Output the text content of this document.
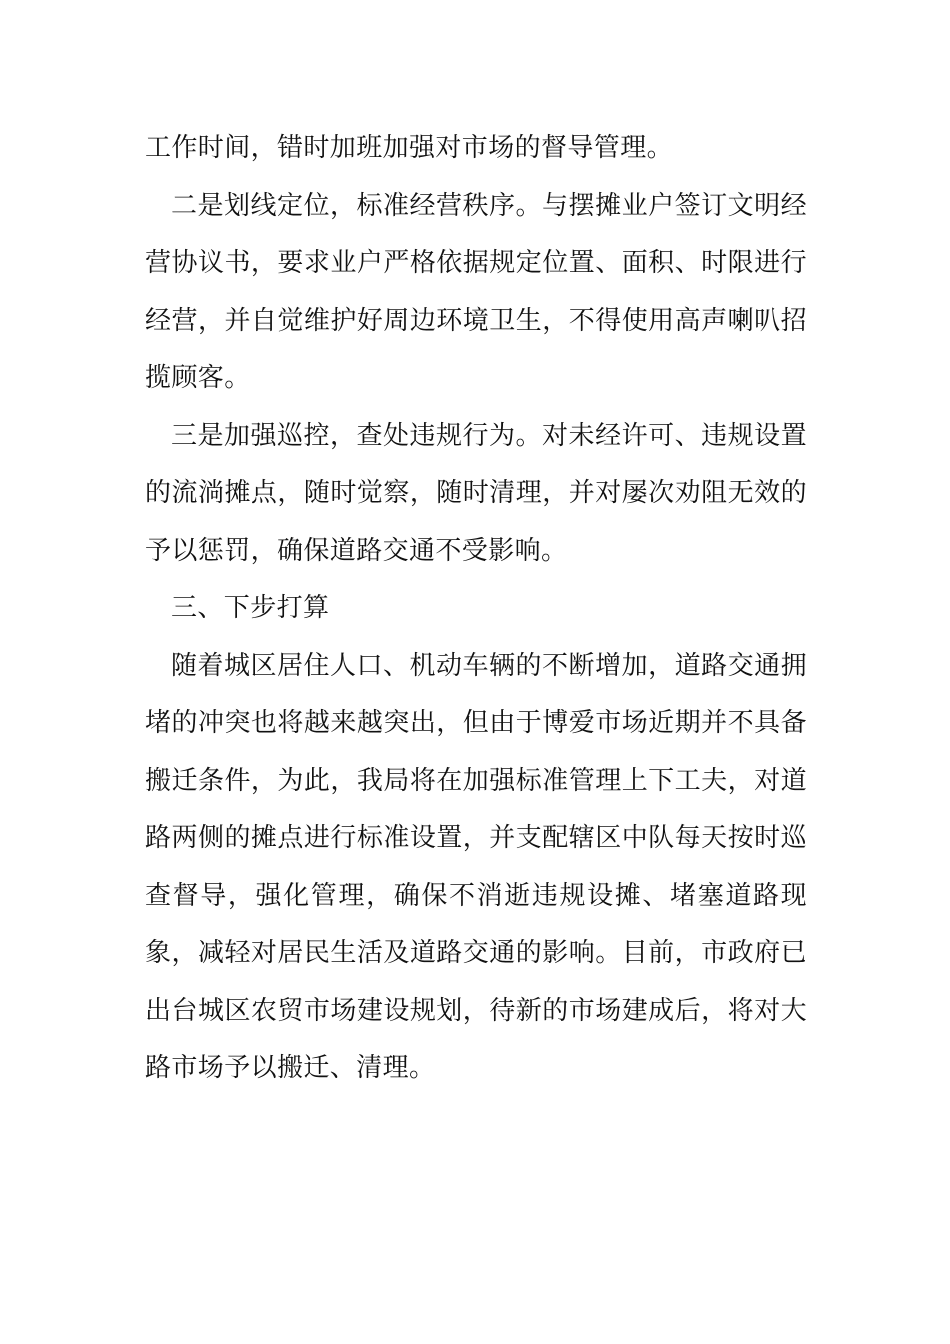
工作时间，错时加班加强对市场的督导管理。

二是划线定位，标准经营秩序。与摆摊业户签订文明经营协议书，要求业户严格依据规定位置、面积、时限进行经营，并自觉维护好周边环境卫生，不得使用高声喇叭招揽顾客。

三是加强巡控，查处违规行为。对未经许可、违规设置的流淌摊点，随时觉察，随时清理，并对屡次劝阻无效的予以惩罚，确保道路交通不受影响。

三、下步打算

随着城区居住人口、机动车辆的不断增加，道路交通拥堵的冲突也将越来越突出，但由于博爱市场近期并不具备搬迁条件，为此，我局将在加强标准管理上下工夫，对道路两侧的摊点进行标准设置，并支配辖区中队每天按时巡查督导，强化管理，确保不消逝违规设摊、堵塞道路现象，减轻对居民生活及道路交通的影响。目前，市政府已出台城区农贸市场建设规划，待新的市场建成后，将对大路市场予以搬迁、清理。
